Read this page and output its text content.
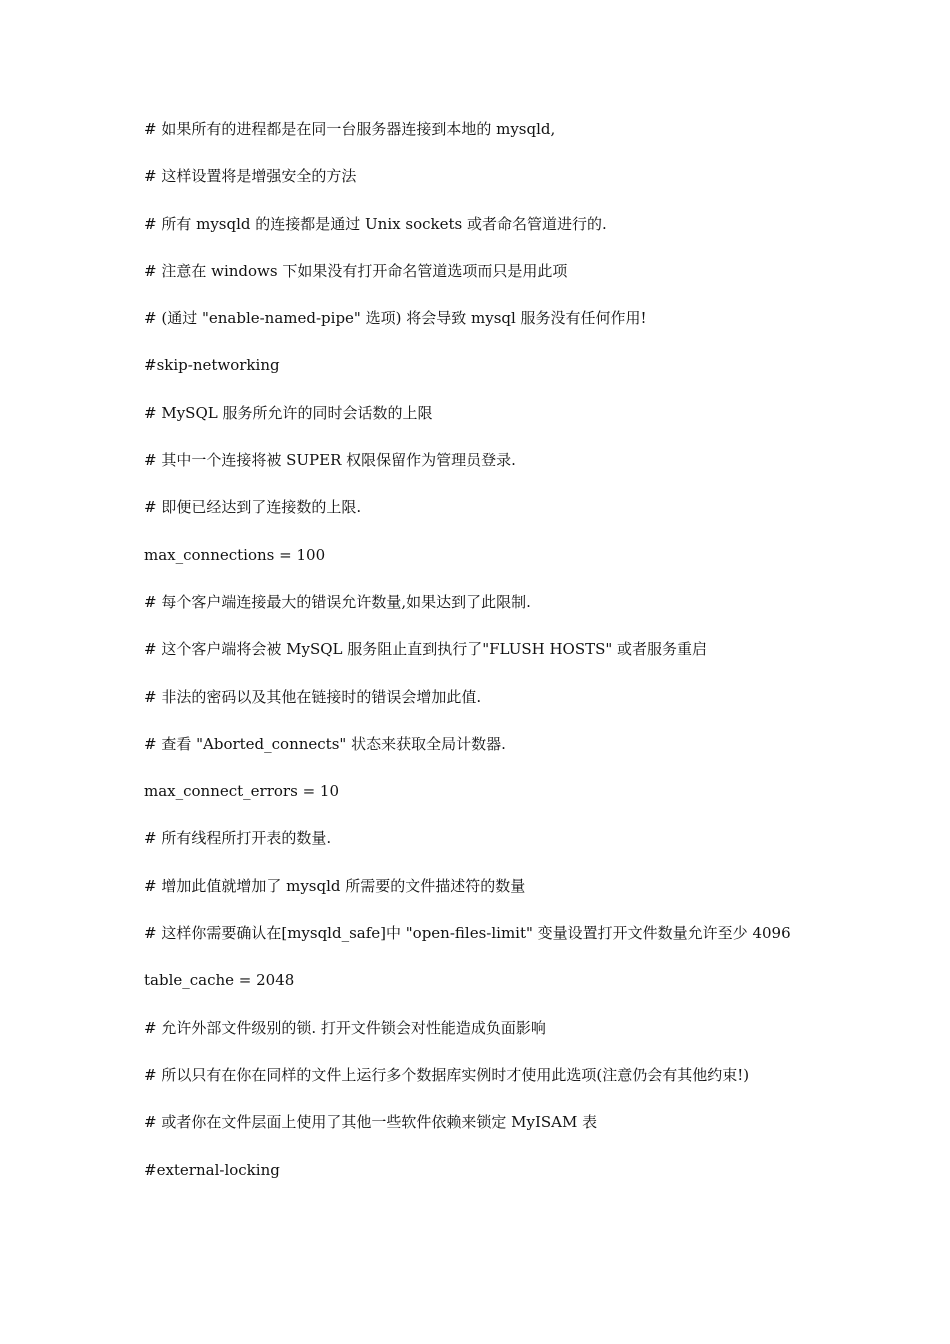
# 如果所有的进程都是在同一台服务器连接到本地的 mysqld,

# 这样设置将是增强安全的方法

# 所有 mysqld 的连接都是通过 Unix sockets 或者命名管道进行的.

# 注意在 windows 下如果没有打开命名管道选项而只是用此项

# (通过 "enable-named-pipe" 选项) 将会导致 mysql 服务没有任何作用!

#skip-networking

# MySQL 服务所允许的同时会话数的上限

# 其中一个连接将被 SUPER 权限保留作为管理员登录.

# 即便已经达到了连接数的上限.

max_connections = 100

# 每个客户端连接最大的错误允许数量,如果达到了此限制.

# 这个客户端将会被 MySQL 服务阻止直到执行了"FLUSH HOSTS" 或者服务重启

# 非法的密码以及其他在链接时的错误会增加此值.

# 查看 "Aborted_connects" 状态来获取全局计数器.

max_connect_errors = 10

# 所有线程所打开表的数量.

# 增加此值就增加了 mysqld 所需要的文件描述符的数量

# 这样你需要确认在[mysqld_safe]中 "open-files-limit" 变量设置打开文件数量允许至少 4096

table_cache = 2048

# 允许外部文件级别的锁. 打开文件锁会对性能造成负面影响

# 所以只有在你在同样的文件上运行多个数据库实例时才使用此选项(注意仍会有其他约束!)

# 或者你在文件层面上使用了其他一些软件依赖来锁定 MyISAM 表

#external-locking
